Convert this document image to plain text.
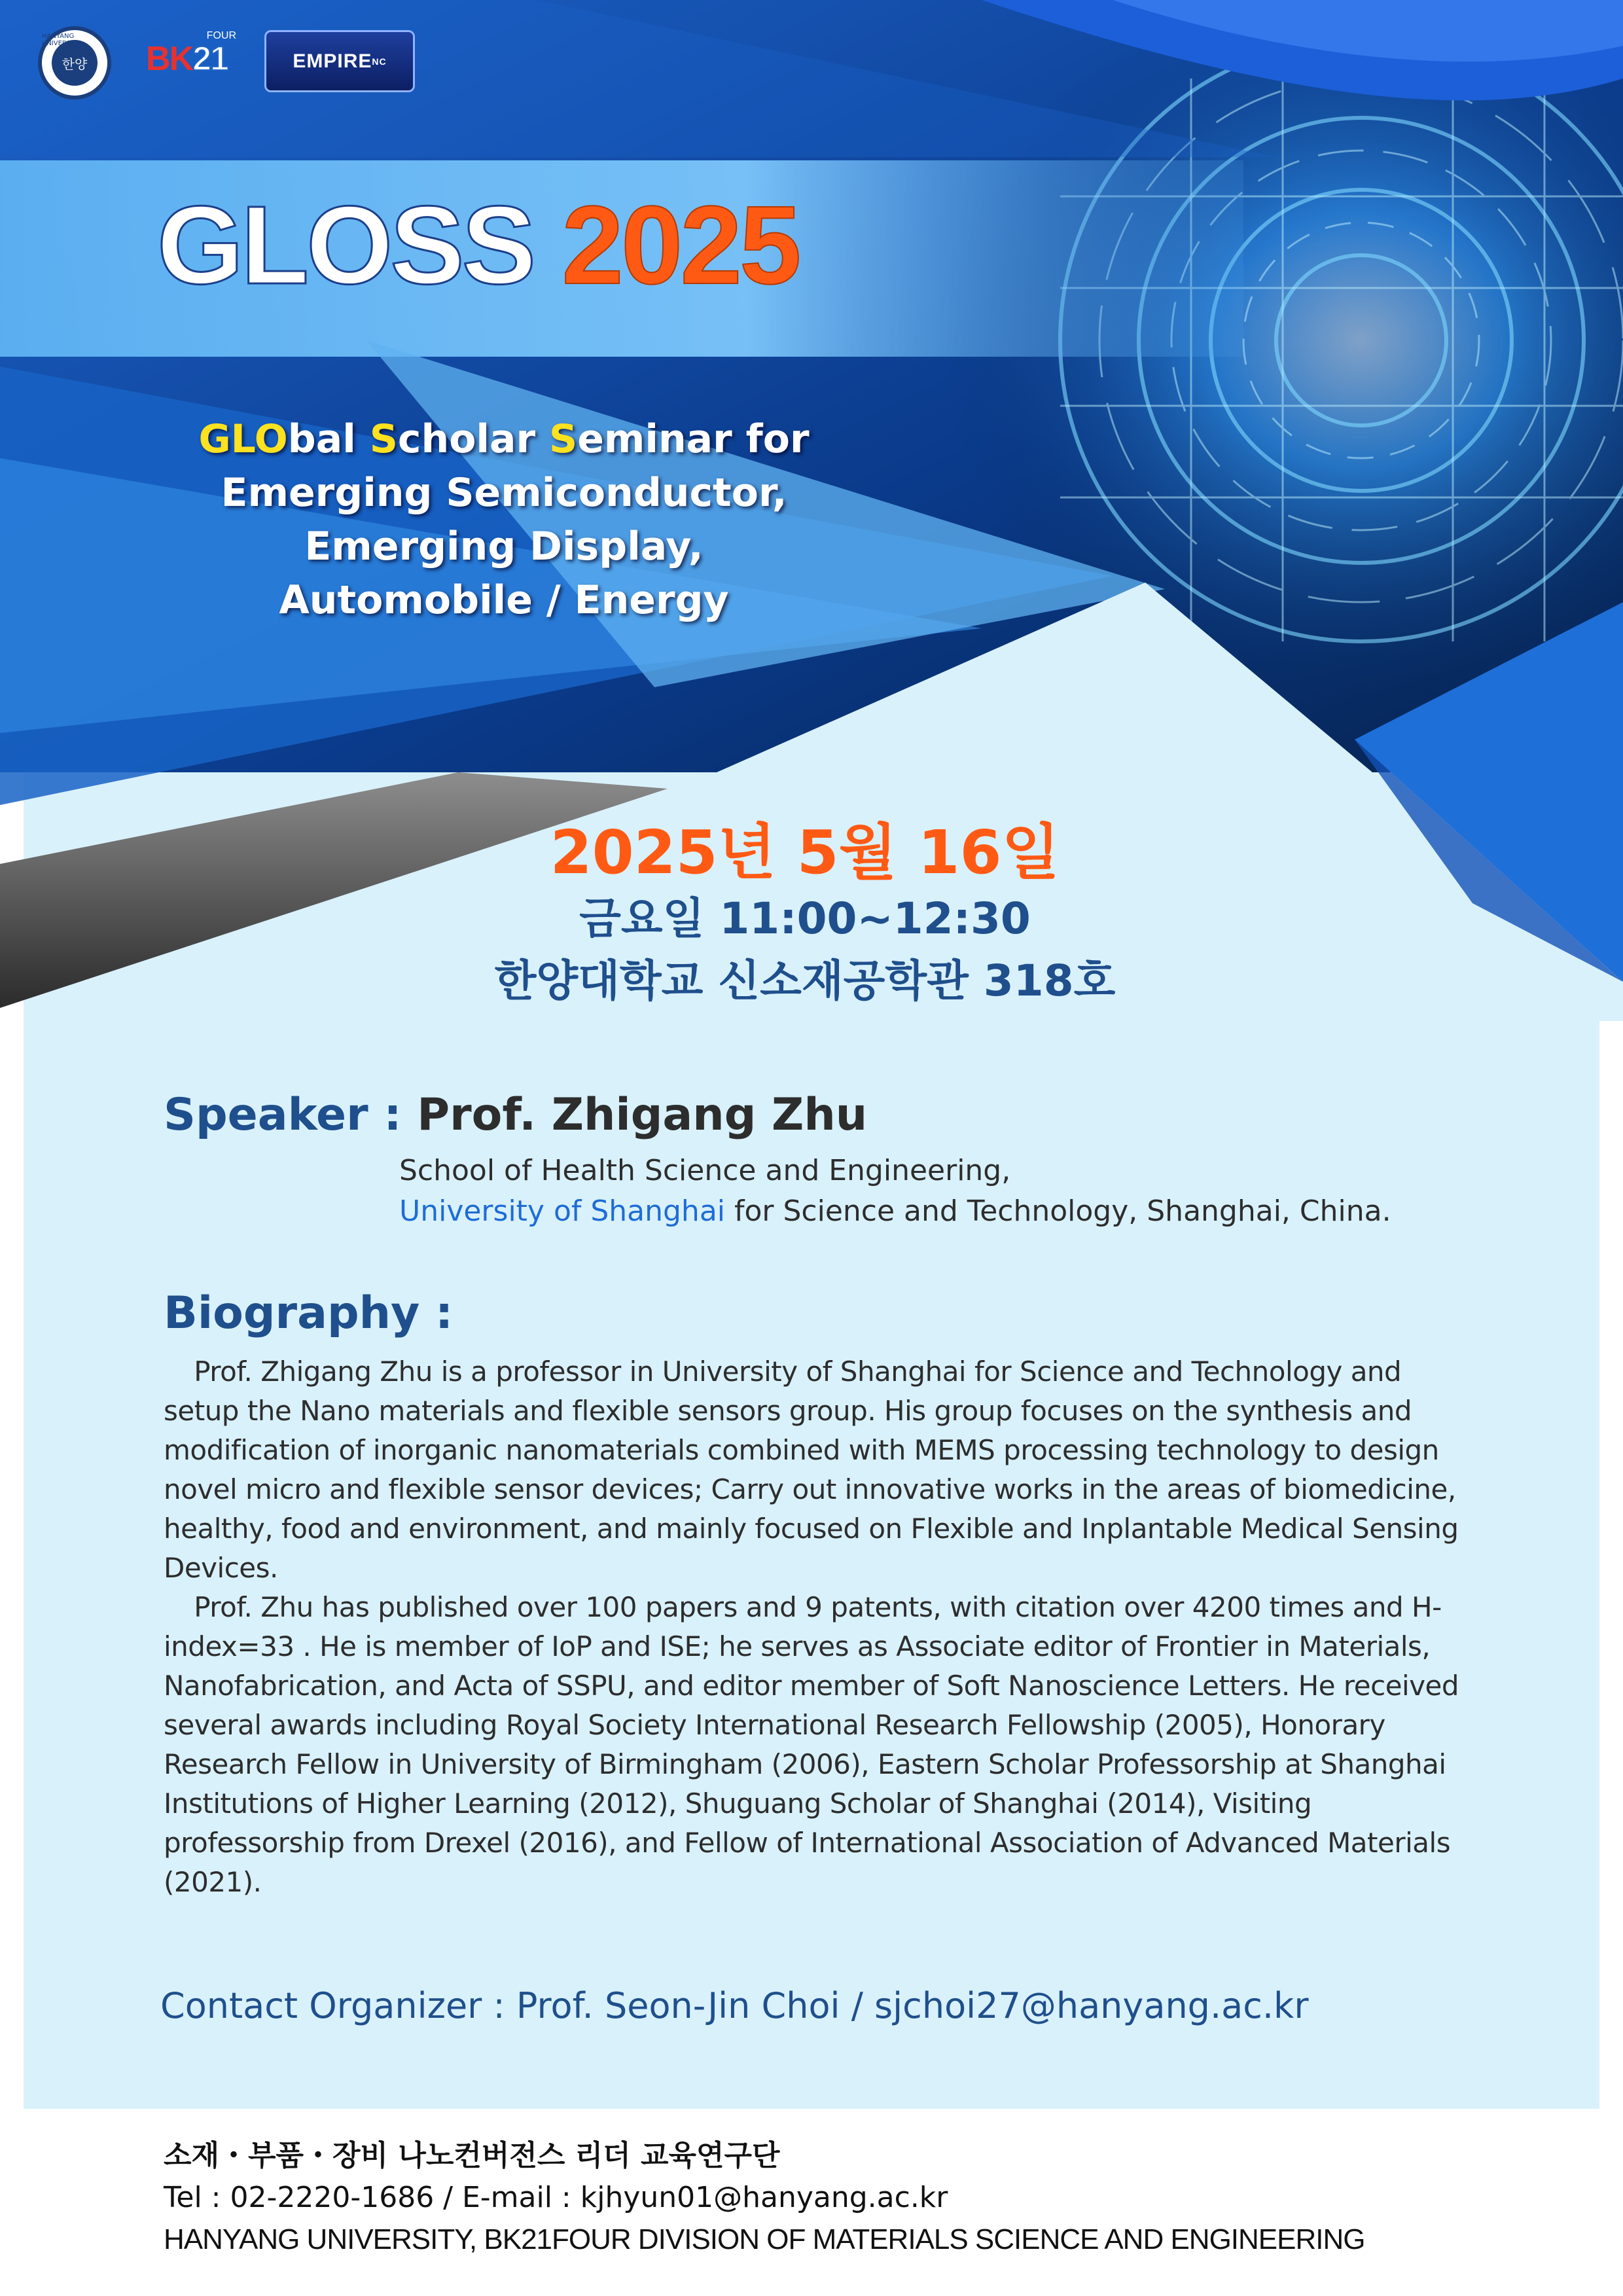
HANYANG UNIVERSITY
한양
FOUR
BK 21	EMPIRE NC
GLOSS 2025
GLObal Scholar Seminar for
Emerging Semiconductor,
Emerging Display,
Automobile / Energy

2025년 5월 16일

금요일 11:00~12:30

한양대학교 신소재공학관 318호

Speaker : Prof. Zhigang Zhu

School of Health Science and Engineering,
University of Shanghai for Science and Technology, Shanghai, China.

Biography :

Prof. Zhigang Zhu is a professor in University of Shanghai for Science and Technology and setup the Nano materials and flexible sensors group. His group focuses on the synthesis and modification of inorganic nanomaterials combined with MEMS processing technology to design novel micro and flexible sensor devices; Carry out innovative works in the areas of biomedicine, healthy, food and environment, and mainly focused on Flexible and Inplantable Medical Sensing Devices.

Prof. Zhu has published over 100 papers and 9 patents, with citation over 4200 times and H-index=33 . He is member of IoP and ISE; he serves as Associate editor of Frontier in Materials, Nanofabrication, and Acta of SSPU, and editor member of Soft Nanoscience Letters. He received several awards including Royal Society International Research Fellowship (2005), Honorary Research Fellow in University of Birmingham (2006), Eastern Scholar Professorship at Shanghai Institutions of Higher Learning (2012), Shuguang Scholar of Shanghai (2014), Visiting professorship from Drexel (2016), and Fellow of International Association of Advanced Materials (2021).

Contact Organizer : Prof. Seon-Jin Choi / sjchoi27@hanyang.ac.kr

소재・부품・장비 나노컨버전스 리더 교육연구단

Tel : 02-2220-1686 / E-mail : kjhyun01@hanyang.ac.kr

HANYANG UNIVERSITY, BK21FOUR DIVISION OF MATERIALS SCIENCE AND ENGINEERING
